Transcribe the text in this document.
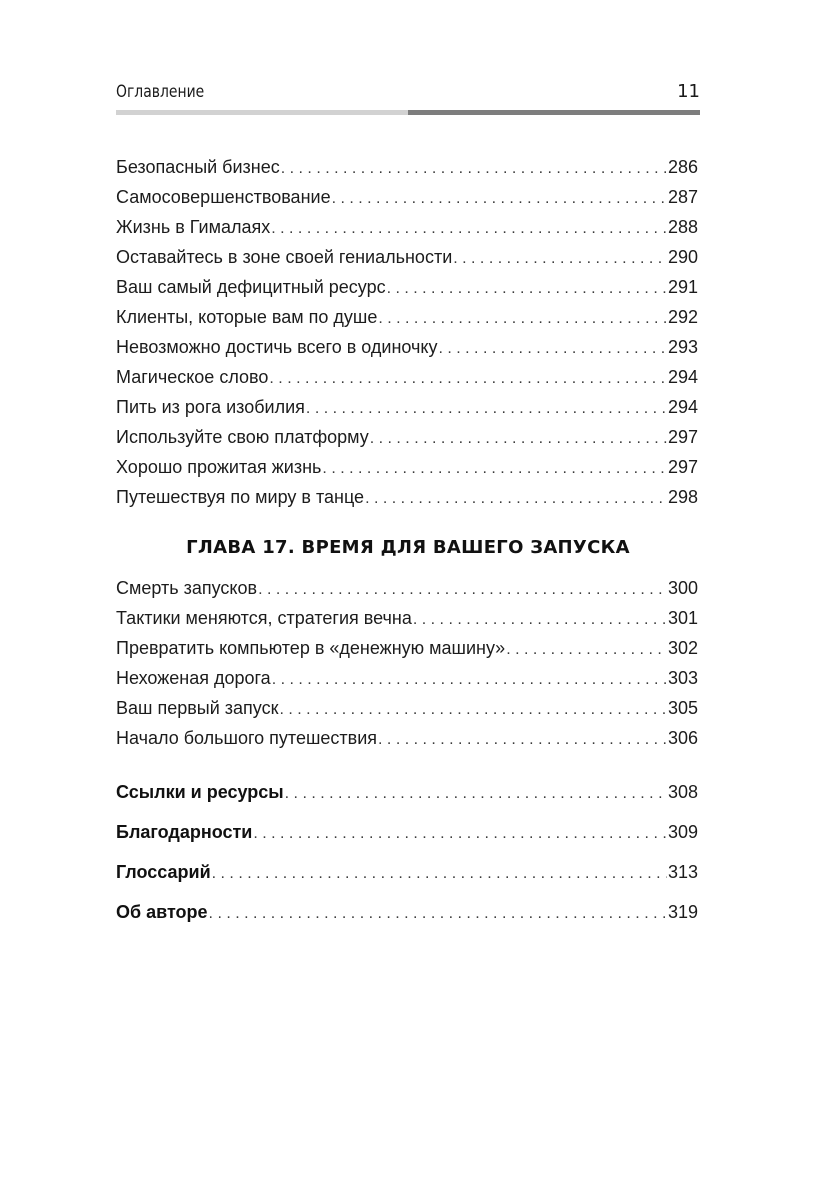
Оглавление	11
Безопасный бизнес . . .	286
Самосовершенствование . . .	287
Жизнь в Гималаях . . .	288
Оставайтесь в зоне своей гениальности . . .	290
Ваш самый дефицитный ресурс . . .	291
Клиенты, которые вам по душе . . .	292
Невозможно достичь всего в одиночку . . .	293
Магическое слово . . .	294
Пить из рога изобилия . . .	294
Используйте свою платформу . . .	297
Хорошо прожитая жизнь . . .	297
Путешествуя по миру в танце . . .	298
ГЛАВА 17. ВРЕМЯ ДЛЯ ВАШЕГО ЗАПУСКА
Смерть запусков . . .	300
Тактики меняются, стратегия вечна . . .	301
Превратить компьютер в «денежную машину» . . .	302
Нехоженая дорога . . .	303
Ваш первый запуск . . .	305
Начало большого путешествия . . .	306
Ссылки и ресурсы . . .	308
Благодарности . . .	309
Глоссарий . . .	313
Об авторе . . .	319
